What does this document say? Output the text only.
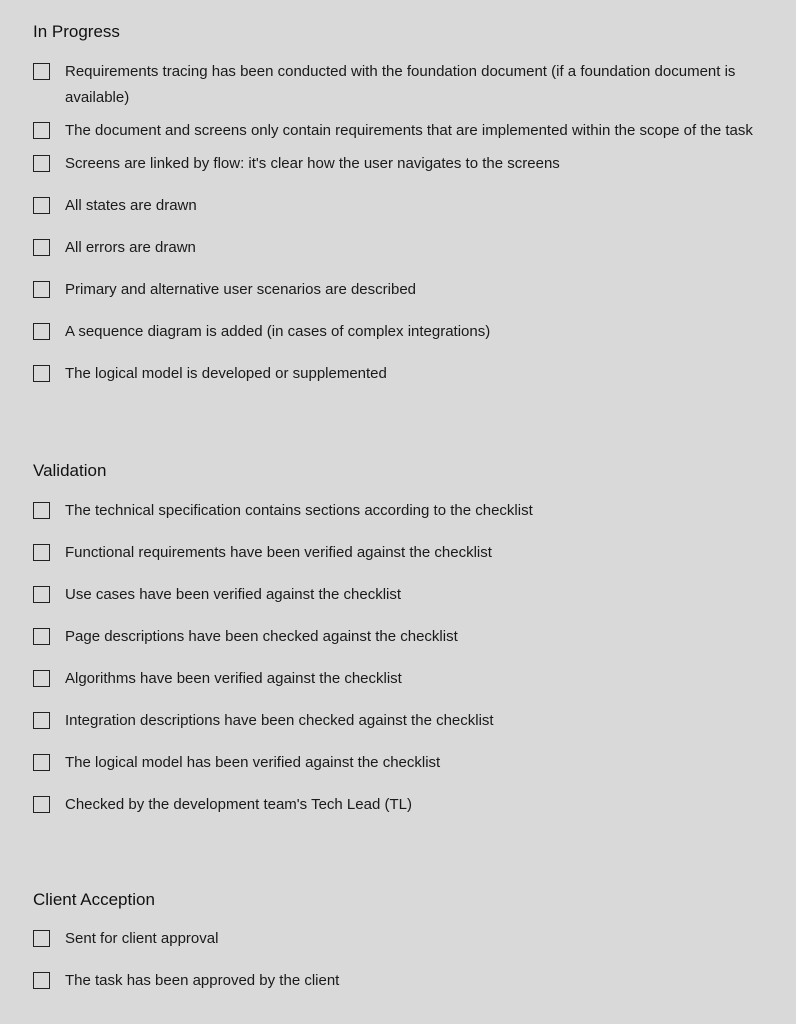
In Progress
Requirements tracing has been conducted with the foundation document (if a foundation document is available)
The document and screens only contain requirements that are implemented within the scope of the task
Screens are linked by flow: it's clear how the user navigates to the screens
All states are drawn
All errors are drawn
Primary and alternative user scenarios are described
A sequence diagram is added (in cases of complex integrations)
The logical model is developed or supplemented
Validation
The technical specification contains sections according to the checklist
Functional requirements have been verified against the checklist
Use cases have been verified against the checklist
Page descriptions have been checked against the checklist
Algorithms have been verified against the checklist
Integration descriptions have been checked against the checklist
The logical model has been verified against the checklist
Checked by the development team's Tech Lead (TL)
Client Acception
Sent for client approval
The task has been approved by the client
